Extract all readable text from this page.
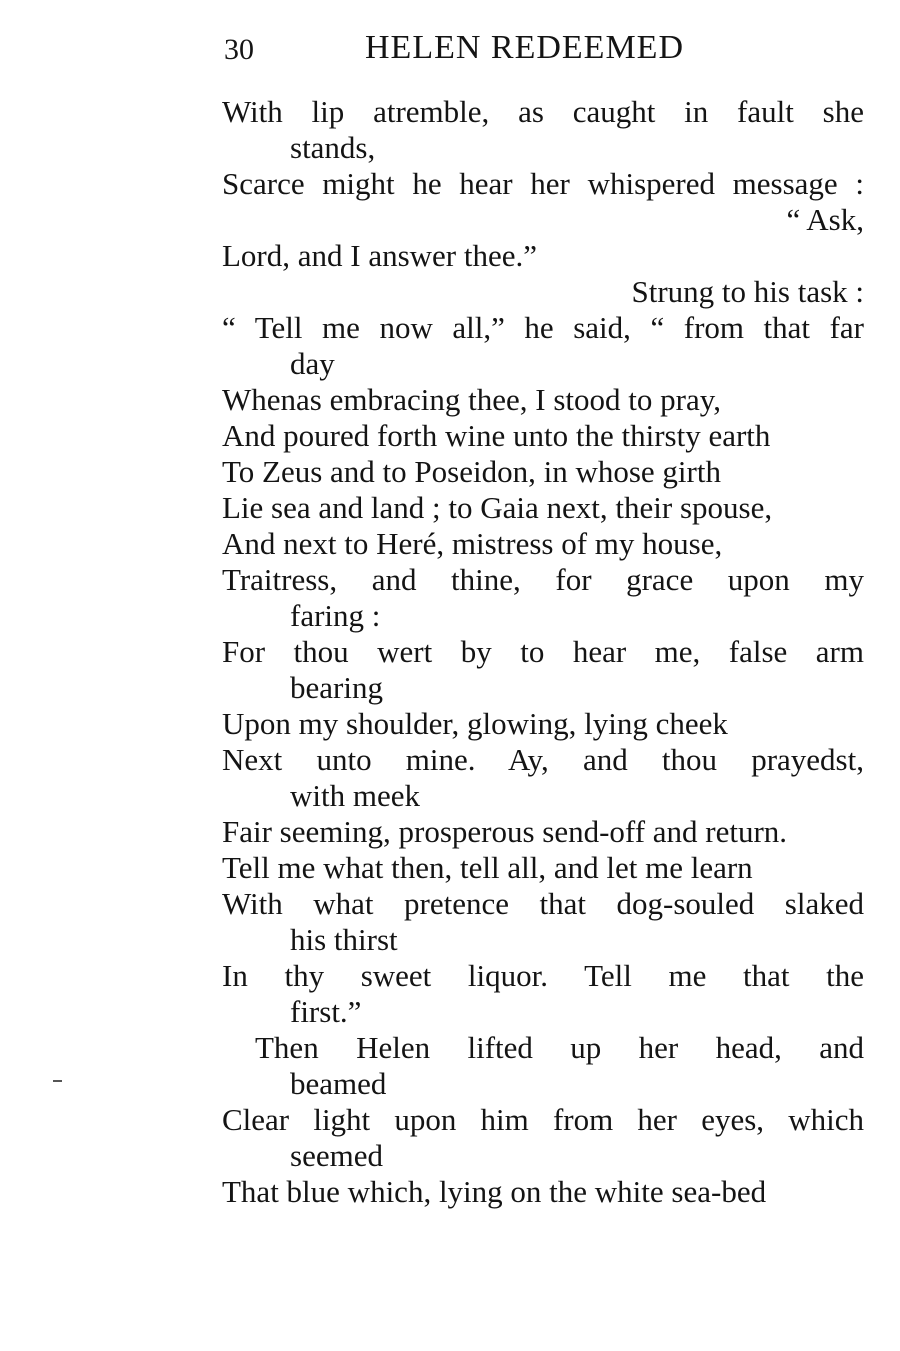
30	HELEN REDEEMED
With lip atremble, as caught in fault she
stands,
Scarce might he hear her whispered message :
“ Ask,
Lord, and I answer thee.”
Strung to his task :
“ Tell me now all,” he said, “ from that far
day
Whenas embracing thee, I stood to pray,
And poured forth wine unto the thirsty earth
To Zeus and to Poseidon, in whose girth
Lie sea and land ; to Gaia next, their spouse,
And next to Heré, mistress of my house,
Traitress, and thine, for grace upon my
faring :
For thou wert by to hear me, false arm
bearing
Upon my shoulder, glowing, lying cheek
Next unto mine. Ay, and thou prayedst,
with meek
Fair seeming, prosperous send-off and return.
Tell me what then, tell all, and let me learn
With what pretence that dog-souled slaked
his thirst
In thy sweet liquor. Tell me that the
first.”
Then Helen lifted up her head, and
beamed
Clear light upon him from her eyes, which
seemed
That blue which, lying on the white sea-bed
